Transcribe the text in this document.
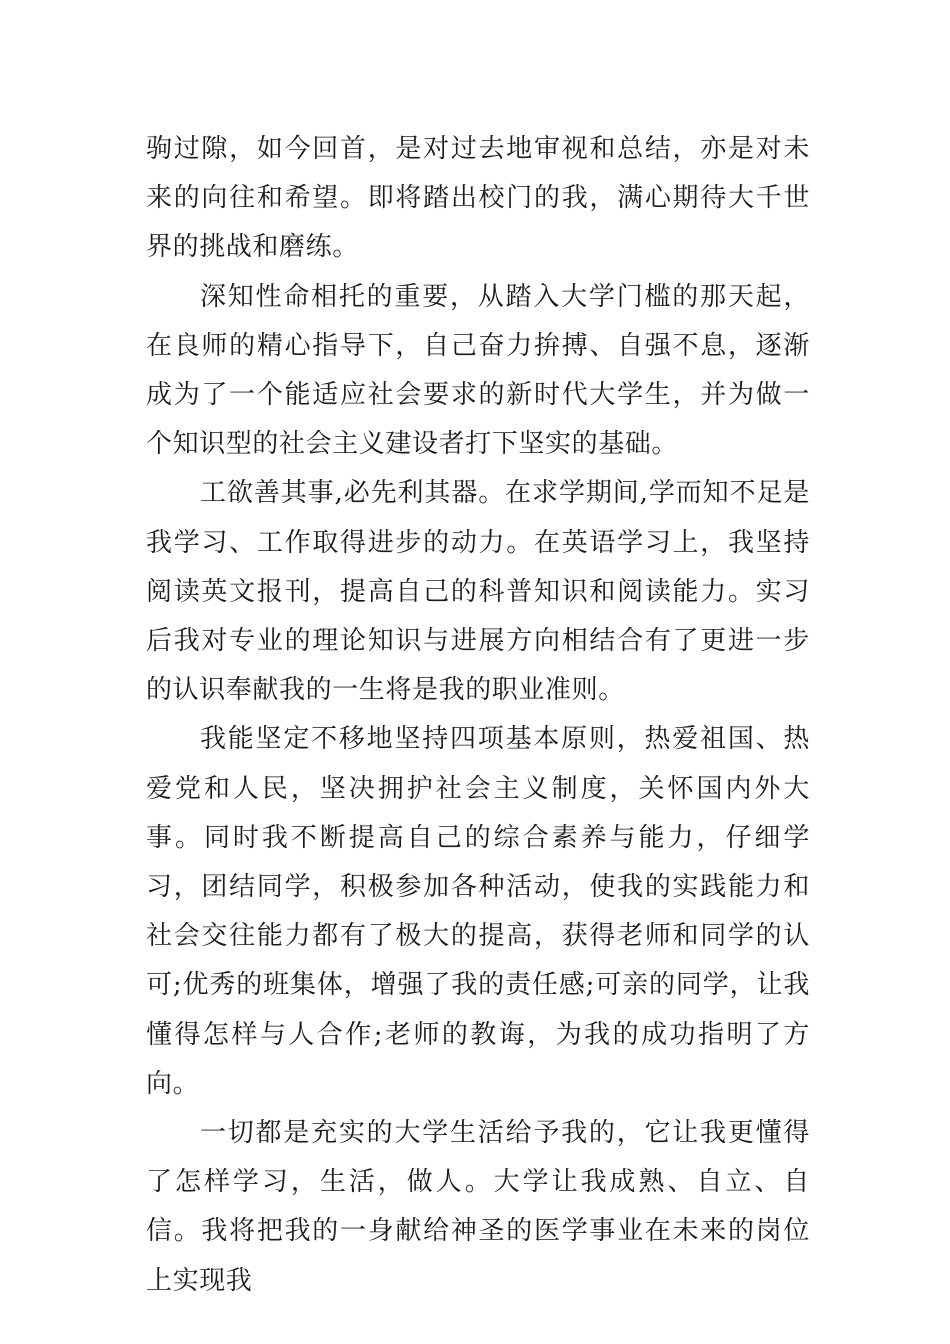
驹过隙，如今回首，是对过去地审视和总结，亦是对未来的向往和希望。即将踏出校门的我，满心期待大千世界的挑战和磨练。

深知性命相托的重要，从踏入大学门槛的那天起，在良师的精心指导下，自己奋力拚搏、自强不息，逐渐成为了一个能适应社会要求的新时代大学生，并为做一个知识型的社会主义建设者打下坚实的基础。

工欲善其事,必先利其器。在求学期间,学而知不足是我学习、工作取得进步的动力。在英语学习上，我坚持阅读英文报刊，提高自己的科普知识和阅读能力。实习后我对专业的理论知识与进展方向相结合有了更进一步的认识奉献我的一生将是我的职业准则。

我能坚定不移地坚持四项基本原则，热爱祖国、热爱党和人民，坚决拥护社会主义制度，关怀国内外大事。同时我不断提高自己的综合素养与能力，仔细学习，团结同学，积极参加各种活动，使我的实践能力和社会交往能力都有了极大的提高，获得老师和同学的认可;优秀的班集体，增强了我的责任感;可亲的同学，让我懂得怎样与人合作;老师的教诲，为我的成功指明了方向。

一切都是充实的大学生活给予我的，它让我更懂得了怎样学习，生活，做人。大学让我成熟、自立、自信。我将把我的一身献给神圣的医学事业在未来的岗位上实现我
